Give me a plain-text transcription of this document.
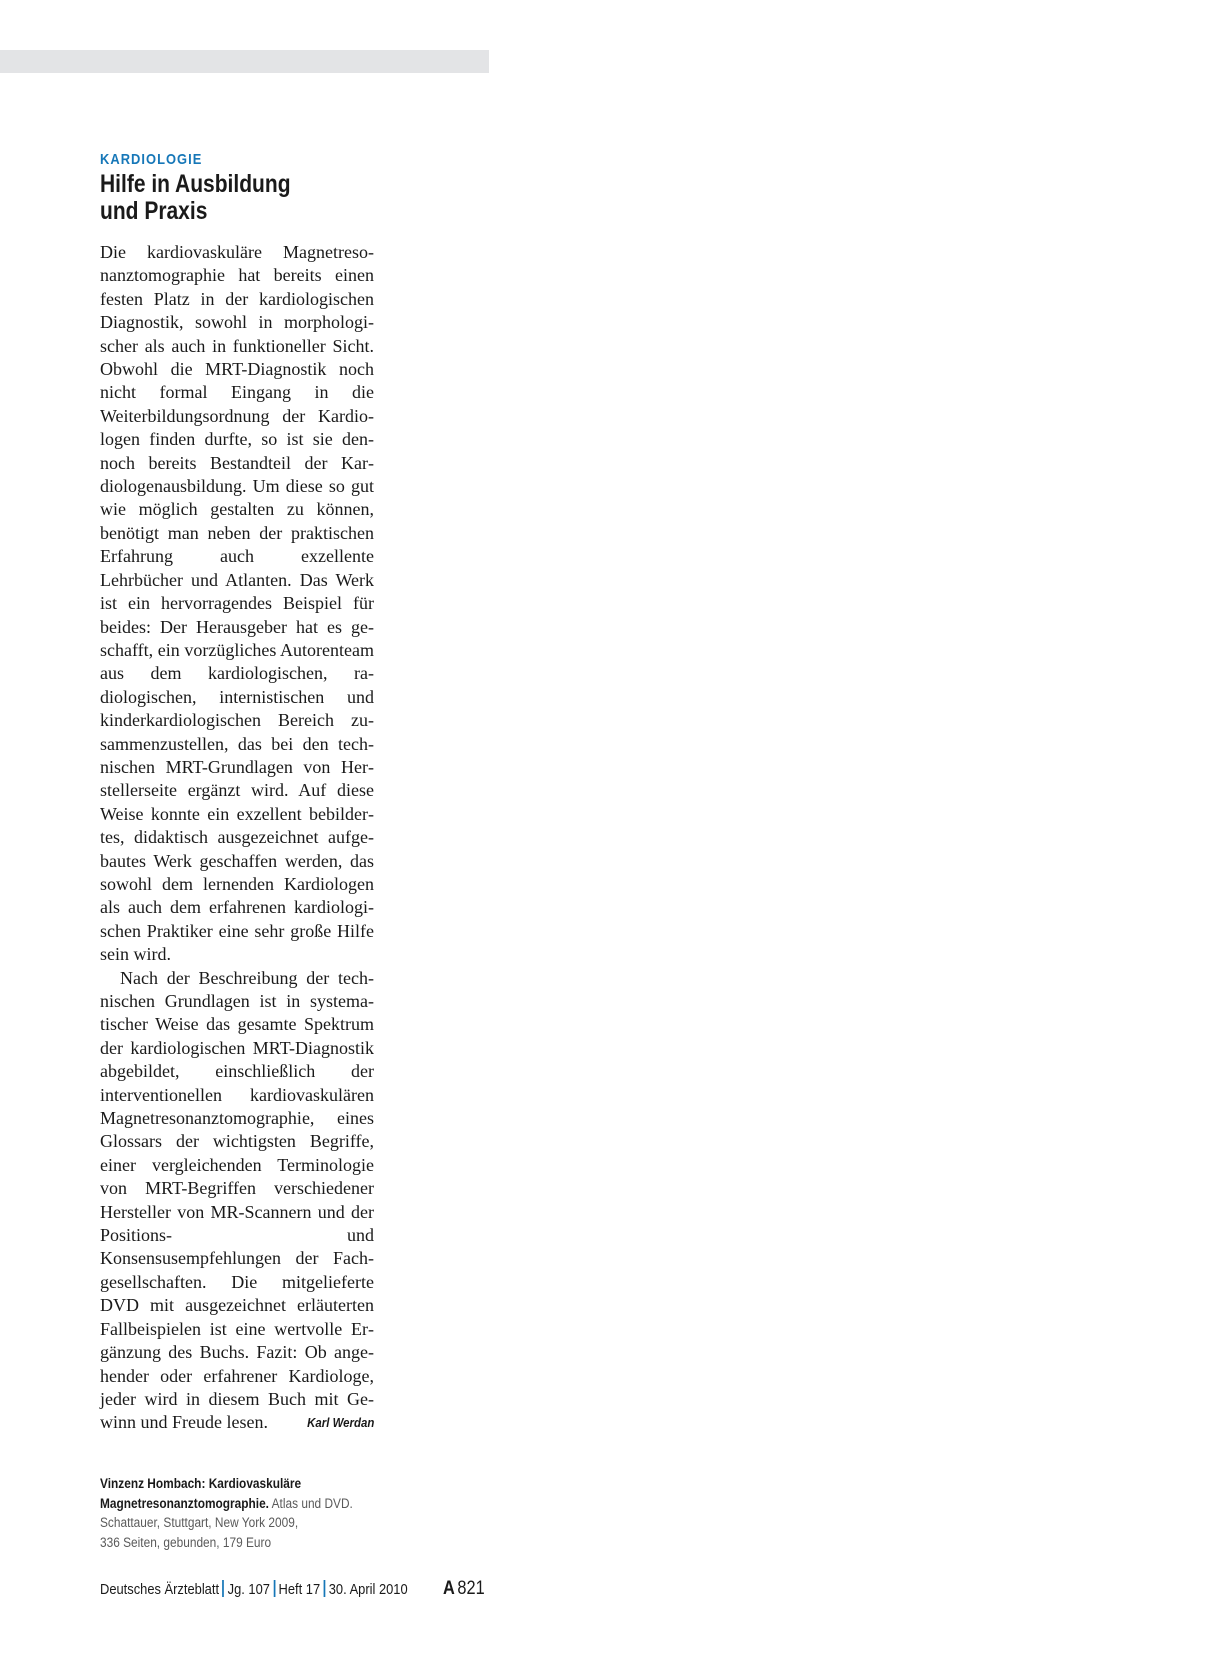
KARDIOLOGIE
Hilfe in Ausbildung
und Praxis

Die kardiovaskuläre Magnetresonanztomographie hat bereits einen festen Platz in der kardiologischen Diagnostik, sowohl in morphologischer als auch in funktioneller Sicht. Obwohl die MRT-Diagnostik noch nicht formal Eingang in die Weiterbildungsordnung der Kardiologen finden durfte, so ist sie dennoch bereits Bestandteil der Kardiologenausbildung. Um diese so gut wie möglich gestalten zu können, benötigt man neben der praktischen Erfahrung auch exzellente Lehrbücher und Atlanten. Das Werk ist ein hervorragendes Beispiel für beides: Der Herausgeber hat es geschafft, ein vorzügliches Autorenteam aus dem kardiologischen, radiologischen, internistischen und kinderkardiologischen Bereich zusammenzustellen, das bei den technischen MRT-Grundlagen von Herstellerseite ergänzt wird. Auf diese Weise konnte ein exzellent bebildertes, didaktisch ausgezeichnet aufgebautes Werk geschaffen werden, das sowohl dem lernenden Kardiologen als auch dem erfahrenen kardiologischen Praktiker eine sehr große Hilfe sein wird.

Nach der Beschreibung der technischen Grundlagen ist in systematischer Weise das gesamte Spektrum der kardiologischen MRT-Diagnostik abgebildet, einschließlich der interventionellen kardiovaskulären Magnetresonanztomographie, eines Glossars der wichtigsten Begriffe, einer vergleichenden Terminologie von MRT-Begriffen verschiedener Hersteller von MR-Scannern und der Positions- und Konsensusempfehlungen der Fachgesellschaften. Die mitgelieferte DVD mit ausgezeichnet erläuterten Fallbeispielen ist eine wertvolle Ergänzung des Buchs. Fazit: Ob angehender oder erfahrener Kardiologe, jeder wird in diesem Buch mit Gewinn und Freude lesen.	Karl Werdan

Vinzenz Hombach: Kardiovaskuläre
Magnetresonanztomographie. Atlas und DVD.
Schattauer, Stuttgart, New York 2009,
336 Seiten, gebunden, 179 Euro
Deutsches Ärzteblatt Jg. 107 Heft 17 30. April 2010 A 821
